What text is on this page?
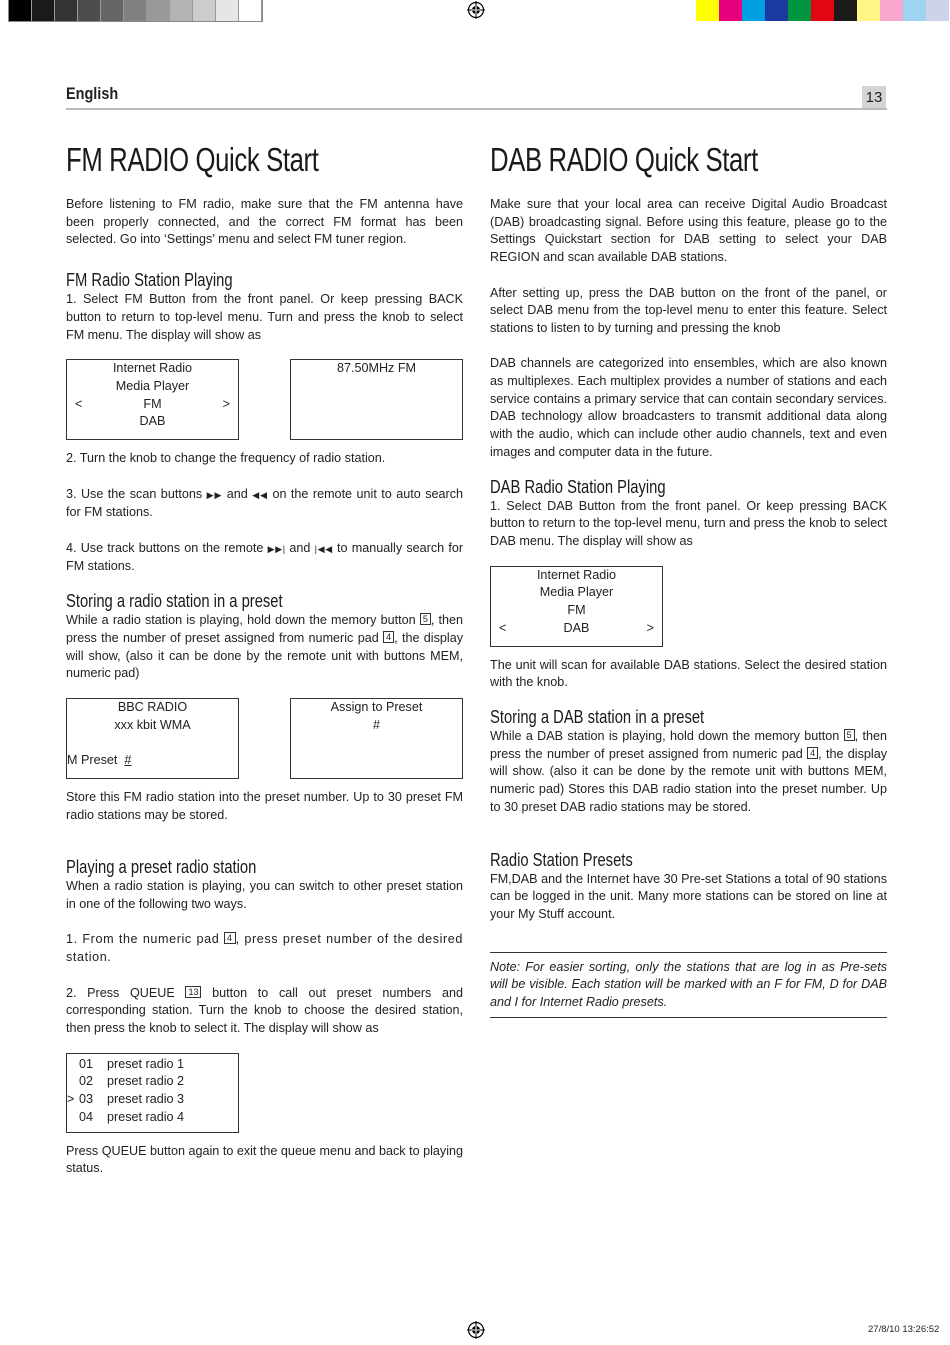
English	13
FM RADIO Quick Start

Before listening to FM radio, make sure that the FM antenna have been properly connected, and the correct FM format has been selected. Go into ‘Settings’ menu and select FM tuner region.

FM Radio Station Playing

1. Select FM Button from the front panel. Or keep pressing BACK button to return to top-level menu. Turn and press the knob to select FM menu. The display will show as

Internet Radio
Media Player
<	FM	>
DAB
87.50MHz FM

2. Turn the knob to change the frequency of radio station.

3. Use the scan buttons ▶▶ and ◀◀ on the remote unit to auto search for FM stations.

4. Use track buttons on the remote ▶▶| and |◀◀ to manually search for FM stations.

Storing a radio station in a preset

While a radio station is playing, hold down the memory button 5 , then press the number of preset assigned from numeric pad 4 , the display will show, (also it can be done by the remote unit with buttons MEM, numeric pad)

BBC RADIO
xxx kbit WMA
M Preset #
Assign to Preset
#

Store this FM radio station into the preset number. Up to 30 preset FM radio stations may be stored.

Playing a preset radio station

When a radio station is playing, you can switch to other preset station in one of the following two ways.

1. From the numeric pad 4 , press preset number of the desired station.

2. Press QUEUE 13 button to call out preset numbers and corresponding station. Turn the knob to choose the desired station, then press the knob to select it. The display will show as

01 preset radio 1
02 preset radio 2
> 03 preset radio 3
04 preset radio 4

Press QUEUE button again to exit the queue menu and back to playing status.

DAB RADIO Quick Start

Make sure that your local area can receive Digital Audio Broadcast (DAB) broadcasting signal. Before using this feature, please go to the Settings Quickstart section for DAB setting to select your DAB REGION and scan available DAB stations.

After setting up, press the DAB button on the front of the panel, or select DAB menu from the top-level menu to enter this feature. Select stations to listen to by turning and pressing the knob

DAB channels are categorized into ensembles, which are also known as multiplexes. Each multiplex provides a number of stations and each service contains a primary service that can contain secondary services. DAB technology allow broadcasters to transmit additional data along with the audio, which can include other audio channels, text and even images and computer data in the future.

DAB Radio Station Playing

1. Select DAB Button from the front panel. Or keep pressing BACK button to return to the top-level menu, turn and press the knob to select DAB menu. The display will show as

Internet Radio
Media Player
FM
<	DAB	>

The unit will scan for available DAB stations. Select the desired station with the knob.

Storing a DAB station in a preset

While a DAB station is playing, hold down the memory button 5 , then press the number of preset assigned from numeric pad 4 , the display will show. (also it can be done by the remote unit with buttons MEM, numeric pad) Stores this DAB radio station into the preset number. Up to 30 preset DAB radio stations may be stored.

Radio Station Presets

FM,DAB and the Internet have 30 Pre-set Stations a total of 90 stations can be logged in the unit. Many more stations can be stored on line at your My Stuff account.

Note: For easier sorting, only the stations that are log in as Pre-sets will be visible. Each station will be marked with an F for FM, D for DAB and I for Internet Radio presets.

27/8/10 13:26:52
